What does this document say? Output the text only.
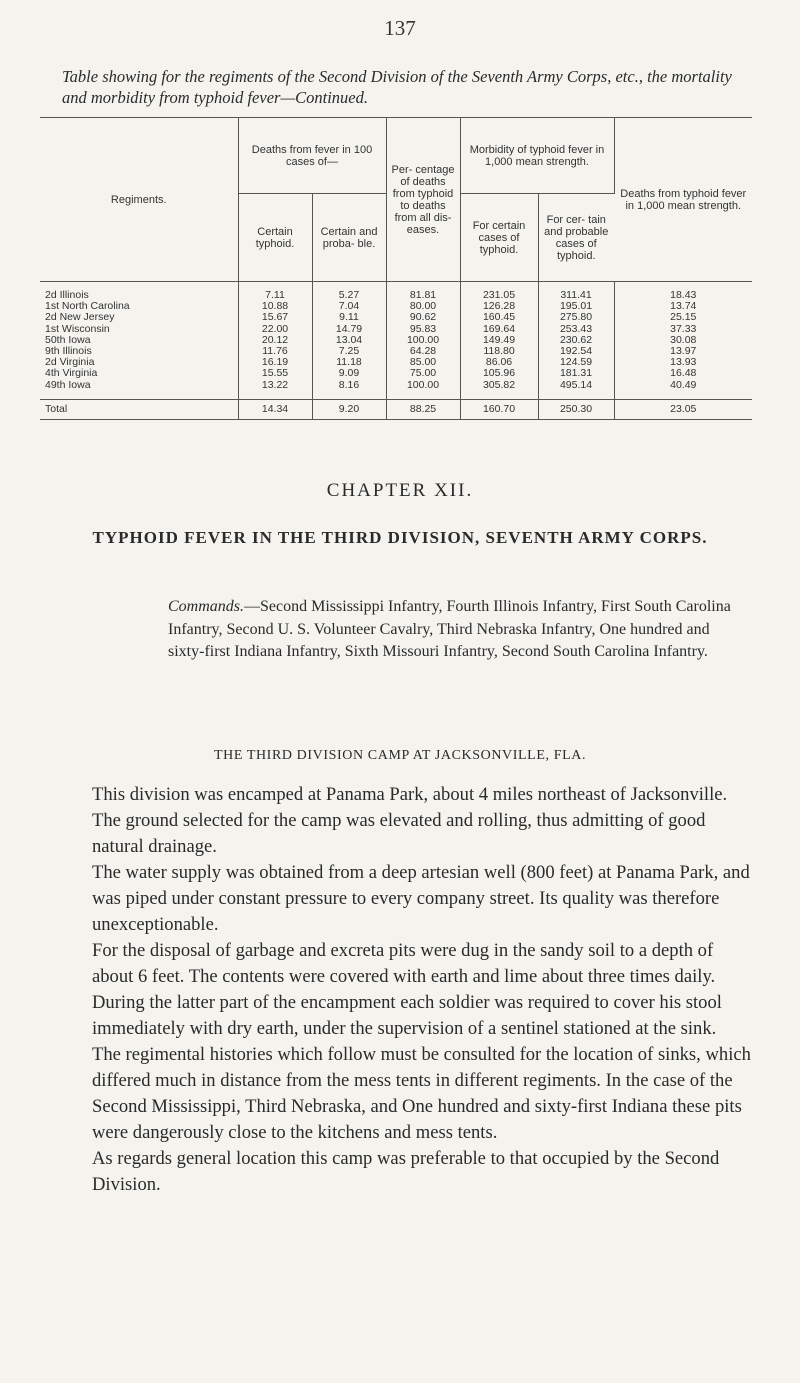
137
Table showing for the regiments of the Second Division of the Seventh Army Corps, etc., the mortality and morbidity from typhoid fever—Continued.
Regiments.	Deaths from fever in 100 cases of—		Per- centage of deaths from typhoid to deaths from all dis- eases.	Morbidity of typhoid fever in 1,000 mean strength.		Deaths from typhoid fever in 1,000 mean strength.
	Certain typhoid.	Certain and proba- ble.		For certain cases of typhoid.	For cer- tain and probable cases of typhoid.	
2d Illinois	7.11	5.27	81.81	231.05	311.41	18.43
1st North Carolina	10.88	7.04	80.00	126.28	195.01	13.74
2d New Jersey	15.67	9.11	90.62	160.45	275.80	25.15
1st Wisconsin	22.00	14.79	95.83	169.64	253.43	37.33
50th Iowa	20.12	13.04	100.00	149.49	230.62	30.08
9th Illinois	11.76	7.25	64.28	118.80	192.54	13.97
2d Virginia	16.19	11.18	85.00	86.06	124.59	13.93
4th Virginia	15.55	9.09	75.00	105.96	181.31	16.48
49th Iowa	13.22	8.16	100.00	305.82	495.14	40.49
Total	14.34	9.20	88.25	160.70	250.30	23.05
CHAPTER XII.
TYPHOID FEVER IN THE THIRD DIVISION, SEVENTH ARMY CORPS.
Commands.—Second Mississippi Infantry, Fourth Illinois Infantry, First South Carolina Infantry, Second U. S. Volunteer Cavalry, Third Nebraska Infantry, One hundred and sixty-first Indiana Infantry, Sixth Missouri Infantry, Second South Carolina Infantry.
THE THIRD DIVISION CAMP AT JACKSONVILLE, FLA.

This division was encamped at Panama Park, about 4 miles northeast of Jacksonville. The ground selected for the camp was elevated and rolling, thus admitting of good natural drainage.

The water supply was obtained from a deep artesian well (800 feet) at Panama Park, and was piped under constant pressure to every company street. Its quality was therefore unexceptionable.

For the disposal of garbage and excreta pits were dug in the sandy soil to a depth of about 6 feet. The contents were covered with earth and lime about three times daily. During the latter part of the encampment each soldier was required to cover his stool immediately with dry earth, under the supervision of a sentinel stationed at the sink.

The regimental histories which follow must be consulted for the location of sinks, which differed much in distance from the mess tents in different regiments. In the case of the Second Mississippi, Third Nebraska, and One hundred and sixty-first Indiana these pits were dangerously close to the kitchens and mess tents.

As regards general location this camp was preferable to that occupied by the Second Division.
